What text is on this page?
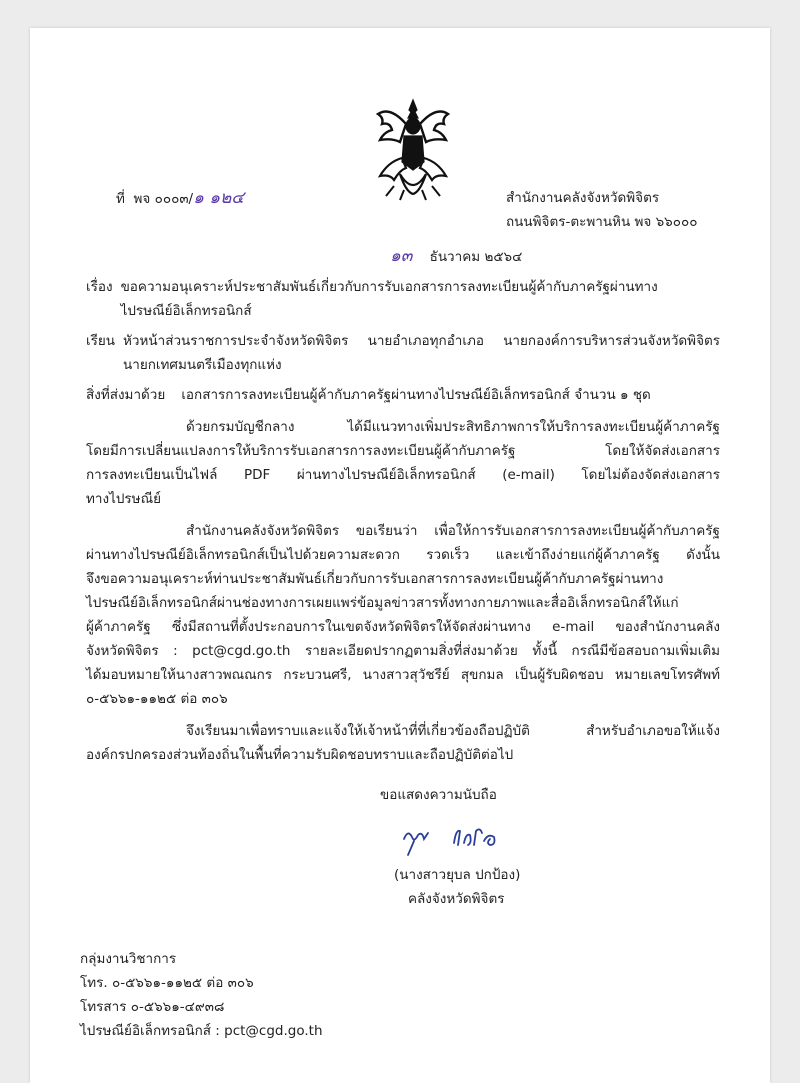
ที่ พจ ๐๐๐๓/๑ ๑๒๔	สำนักงานคลังจังหวัดพิจิตร
ถนนพิจิตร-ตะพานหิน พจ ๖๖๐๐๐
๑๓ ธันวาคม ๒๕๖๔
เรื่อง ขอความอนุเคราะห์ประชาสัมพันธ์เกี่ยวกับการรับเอกสารการลงทะเบียนผู้ค้ากับภาครัฐผ่านทาง
ไปรษณีย์อิเล็กทรอนิกส์
เรียน หัวหน้าส่วนราชการประจำจังหวัดพิจิตร นายอำเภอทุกอำเภอ นายกองค์การบริหารส่วนจังหวัดพิจิตร
นายกเทศมนตรีเมืองทุกแห่ง
สิ่งที่ส่งมาด้วย	เอกสารการลงทะเบียนผู้ค้ากับภาครัฐผ่านทางไปรษณีย์อิเล็กทรอนิกส์ จำนวน ๑ ชุด
ด้วยกรมบัญชีกลาง ได้มีแนวทางเพิ่มประสิทธิภาพการให้บริการลงทะเบียนผู้ค้าภาครัฐ
โดยมีการเปลี่ยนแปลงการให้บริการรับเอกสารการลงทะเบียนผู้ค้ากับภาครัฐ โดยให้จัดส่งเอกสาร
การลงทะเบียนเป็นไฟล์ PDF ผ่านทางไปรษณีย์อิเล็กทรอนิกส์ (e-mail) โดยไม่ต้องจัดส่งเอกสาร
ทางไปรษณีย์
สำนักงานคลังจังหวัดพิจิตร ขอเรียนว่า เพื่อให้การรับเอกสารการลงทะเบียนผู้ค้ากับภาครัฐ
ผ่านทางไปรษณีย์อิเล็กทรอนิกส์เป็นไปด้วยความสะดวก รวดเร็ว และเข้าถึงง่ายแก่ผู้ค้าภาครัฐ ดังนั้น
จึงขอความอนุเคราะห์ท่านประชาสัมพันธ์เกี่ยวกับการรับเอกสารการลงทะเบียนผู้ค้ากับภาครัฐผ่านทาง
ไปรษณีย์อิเล็กทรอนิกส์ผ่านช่องทางการเผยแพร่ข้อมูลข่าวสารทั้งทางกายภาพและสื่ออิเล็กทรอนิกส์ให้แก่
ผู้ค้าภาครัฐ ซึ่งมีสถานที่ตั้งประกอบการในเขตจังหวัดพิจิตรให้จัดส่งผ่านทาง e-mail ของสำนักงานคลัง
จังหวัดพิจิตร : pct@cgd.go.th รายละเอียดปรากฏตามสิ่งที่ส่งมาด้วย ทั้งนี้ กรณีมีข้อสอบถามเพิ่มเติม
ได้มอบหมายให้นางสาวพณณกร กระบวนศรี, นางสาวสุวัชรีย์ สุขกมล เป็นผู้รับผิดชอบ หมายเลขโทรศัพท์
๐-๕๖๖๑-๑๑๒๕ ต่อ ๓๐๖
จึงเรียนมาเพื่อทราบและแจ้งให้เจ้าหน้าที่ที่เกี่ยวข้องถือปฏิบัติ สำหรับอำเภอขอให้แจ้ง
องค์กรปกครองส่วนท้องถิ่นในพื้นที่ความรับผิดชอบทราบและถือปฏิบัติต่อไป
ขอแสดงความนับถือ
(นางสาวยุบล ปกป้อง)
คลังจังหวัดพิจิตร
กลุ่มงานวิชาการ
โทร. ๐-๕๖๖๑-๑๑๒๕ ต่อ ๓๐๖
โทรสาร ๐-๕๖๖๑-๔๙๓๘
ไปรษณีย์อิเล็กทรอนิกส์ : pct@cgd.go.th
